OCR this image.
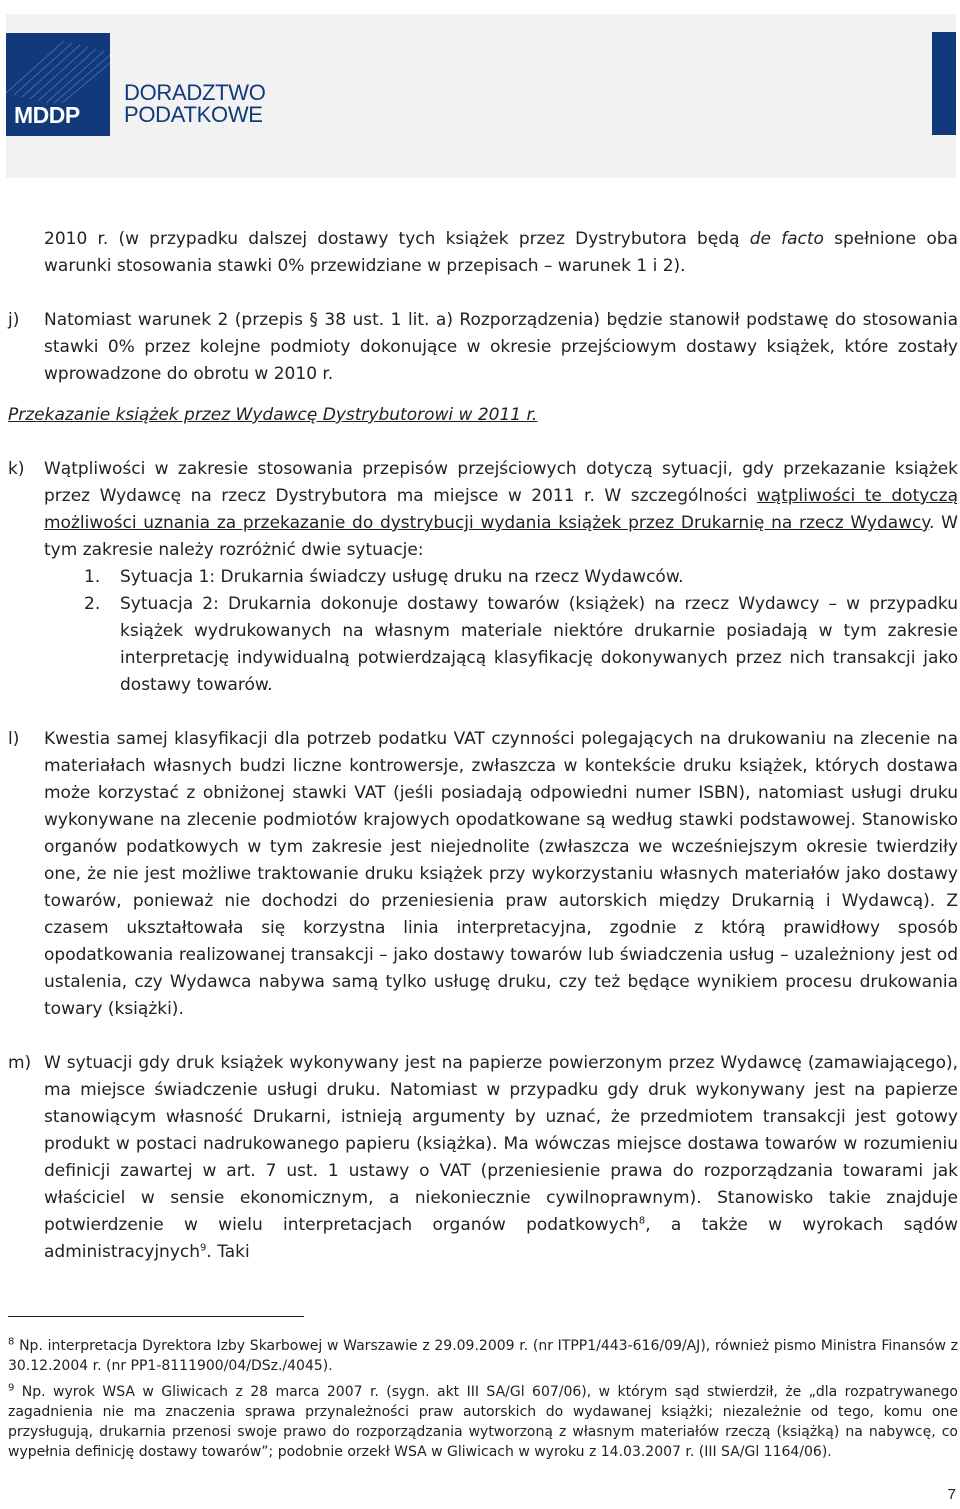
MDDP
DORADZTWO
PODATKOWE
2010 r. (w przypadku dalszej dostawy tych książek przez Dystrybutora będą de facto spełnione oba warunki stosowania stawki 0% przewidziane w przepisach – warunek 1 i 2).
j) Natomiast warunek 2 (przepis § 38 ust. 1 lit. a) Rozporządzenia) będzie stanowił podstawę do stosowania stawki 0% przez kolejne podmioty dokonujące w okresie przejściowym dostawy książek, które zostały wprowadzone do obrotu w 2010 r.
Przekazanie książek przez Wydawcę Dystrybutorowi w 2011 r.
k) Wątpliwości w zakresie stosowania przepisów przejściowych dotyczą sytuacji, gdy przekazanie książek przez Wydawcę na rzecz Dystrybutora ma miejsce w 2011 r. W szczególności wątpliwości te dotyczą możliwości uznania za przekazanie do dystrybucji wydania książek przez Drukarnię na rzecz Wydawcy. W tym zakresie należy rozróżnić dwie sytuacje:
1. Sytuacja 1: Drukarnia świadczy usługę druku na rzecz Wydawców.
2. Sytuacja 2: Drukarnia dokonuje dostawy towarów (książek) na rzecz Wydawcy – w przypadku książek wydrukowanych na własnym materiale niektóre drukarnie posiadają w tym zakresie interpretację indywidualną potwierdzającą klasyfikację dokonywanych przez nich transakcji jako dostawy towarów.
l) Kwestia samej klasyfikacji dla potrzeb podatku VAT czynności polegających na drukowaniu na zlecenie na materiałach własnych budzi liczne kontrowersje, zwłaszcza w kontekście druku książek, których dostawa może korzystać z obniżonej stawki VAT (jeśli posiadają odpowiedni numer ISBN), natomiast usługi druku wykonywane na zlecenie podmiotów krajowych opodatkowane są według stawki podstawowej. Stanowisko organów podatkowych w tym zakresie jest niejednolite (zwłaszcza we wcześniejszym okresie twierdziły one, że nie jest możliwe traktowanie druku książek przy wykorzystaniu własnych materiałów jako dostawy towarów, ponieważ nie dochodzi do przeniesienia praw autorskich między Drukarnią i Wydawcą). Z czasem ukształtowała się korzystna linia interpretacyjna, zgodnie z którą prawidłowy sposób opodatkowania realizowanej transakcji – jako dostawy towarów lub świadczenia usług – uzależniony jest od ustalenia, czy Wydawca nabywa samą tylko usługę druku, czy też będące wynikiem procesu drukowania towary (książki).
m) W sytuacji gdy druk książek wykonywany jest na papierze powierzonym przez Wydawcę (zamawiającego), ma miejsce świadczenie usługi druku. Natomiast w przypadku gdy druk wykonywany jest na papierze stanowiącym własność Drukarni, istnieją argumenty by uznać, że przedmiotem transakcji jest gotowy produkt w postaci nadrukowanego papieru (książka). Ma wówczas miejsce dostawa towarów w rozumieniu definicji zawartej w art. 7 ust. 1 ustawy o VAT (przeniesienie prawa do rozporządzania towarami jak właściciel w sensie ekonomicznym, a niekoniecznie cywilnoprawnym). Stanowisko takie znajduje potwierdzenie w wielu interpretacjach organów podatkowych$^8$, a także w wyrokach sądów administracyjnych$^9$. Taki
$^8$ Np. interpretacja Dyrektora Izby Skarbowej w Warszawie z 29.09.2009 r. (nr ITPP1/443-616/09/AJ), również pismo Ministra Finansów z 30.12.2004 r. (nr PP1-8111900/04/DSz./4045).
$^9$ Np. wyrok WSA w Gliwicach z 28 marca 2007 r. (sygn. akt III SA/Gl 607/06), w którym sąd stwierdził, że „dla rozpatrywanego zagadnienia nie ma znaczenia sprawa przynależności praw autorskich do wydawanej książki; niezależnie od tego, komu one przysługują, drukarnia przenosi swoje prawo do rozporządzania wytworzoną z własnym materiałów rzeczą (książką) na nabywcę, co wypełnia definicję dostawy towarów”; podobnie orzekł WSA w Gliwicach w wyroku z 14.03.2007 r. (III SA/Gl 1164/06).
7
